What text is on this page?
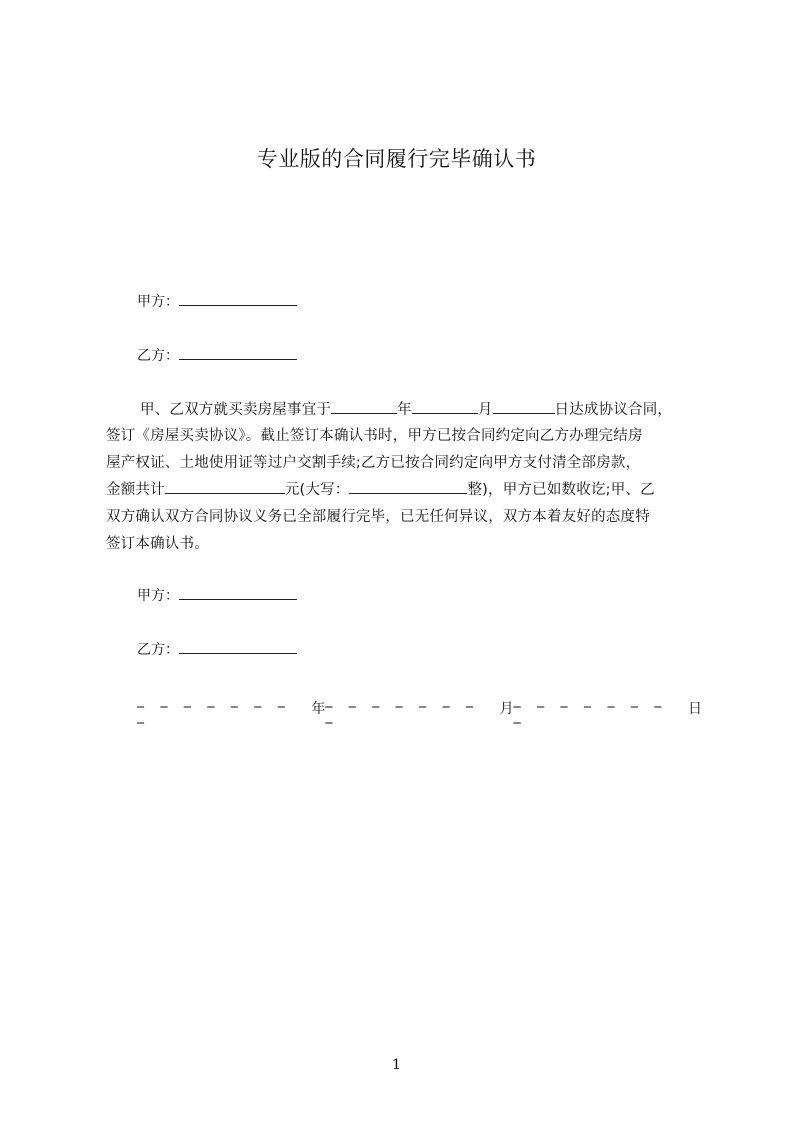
专业版的合同履行完毕确认书
甲方：
乙方：
甲、乙双方就买卖房屋事宜于	年	月	日达成协议合同，
签订《房屋买卖协议》。截止签订本确认书时，甲方已按合同约定向乙方办理完结房
屋产权证、土地使用证等过户交割手续;乙方已按合同约定向甲方支付清全部房款，
金额共计	元(大写：	整)，甲方已如数收讫;甲、乙
双方确认双方合同协议义务已全部履行完毕，已无任何异议，双方本着友好的态度特
签订本确认书。
甲方：
乙方：
_ _ _ _ _ _ _ _	年
_ _ _ _ _ _ _ _	月
_ _ _ _ _ _ _ _	日
1
